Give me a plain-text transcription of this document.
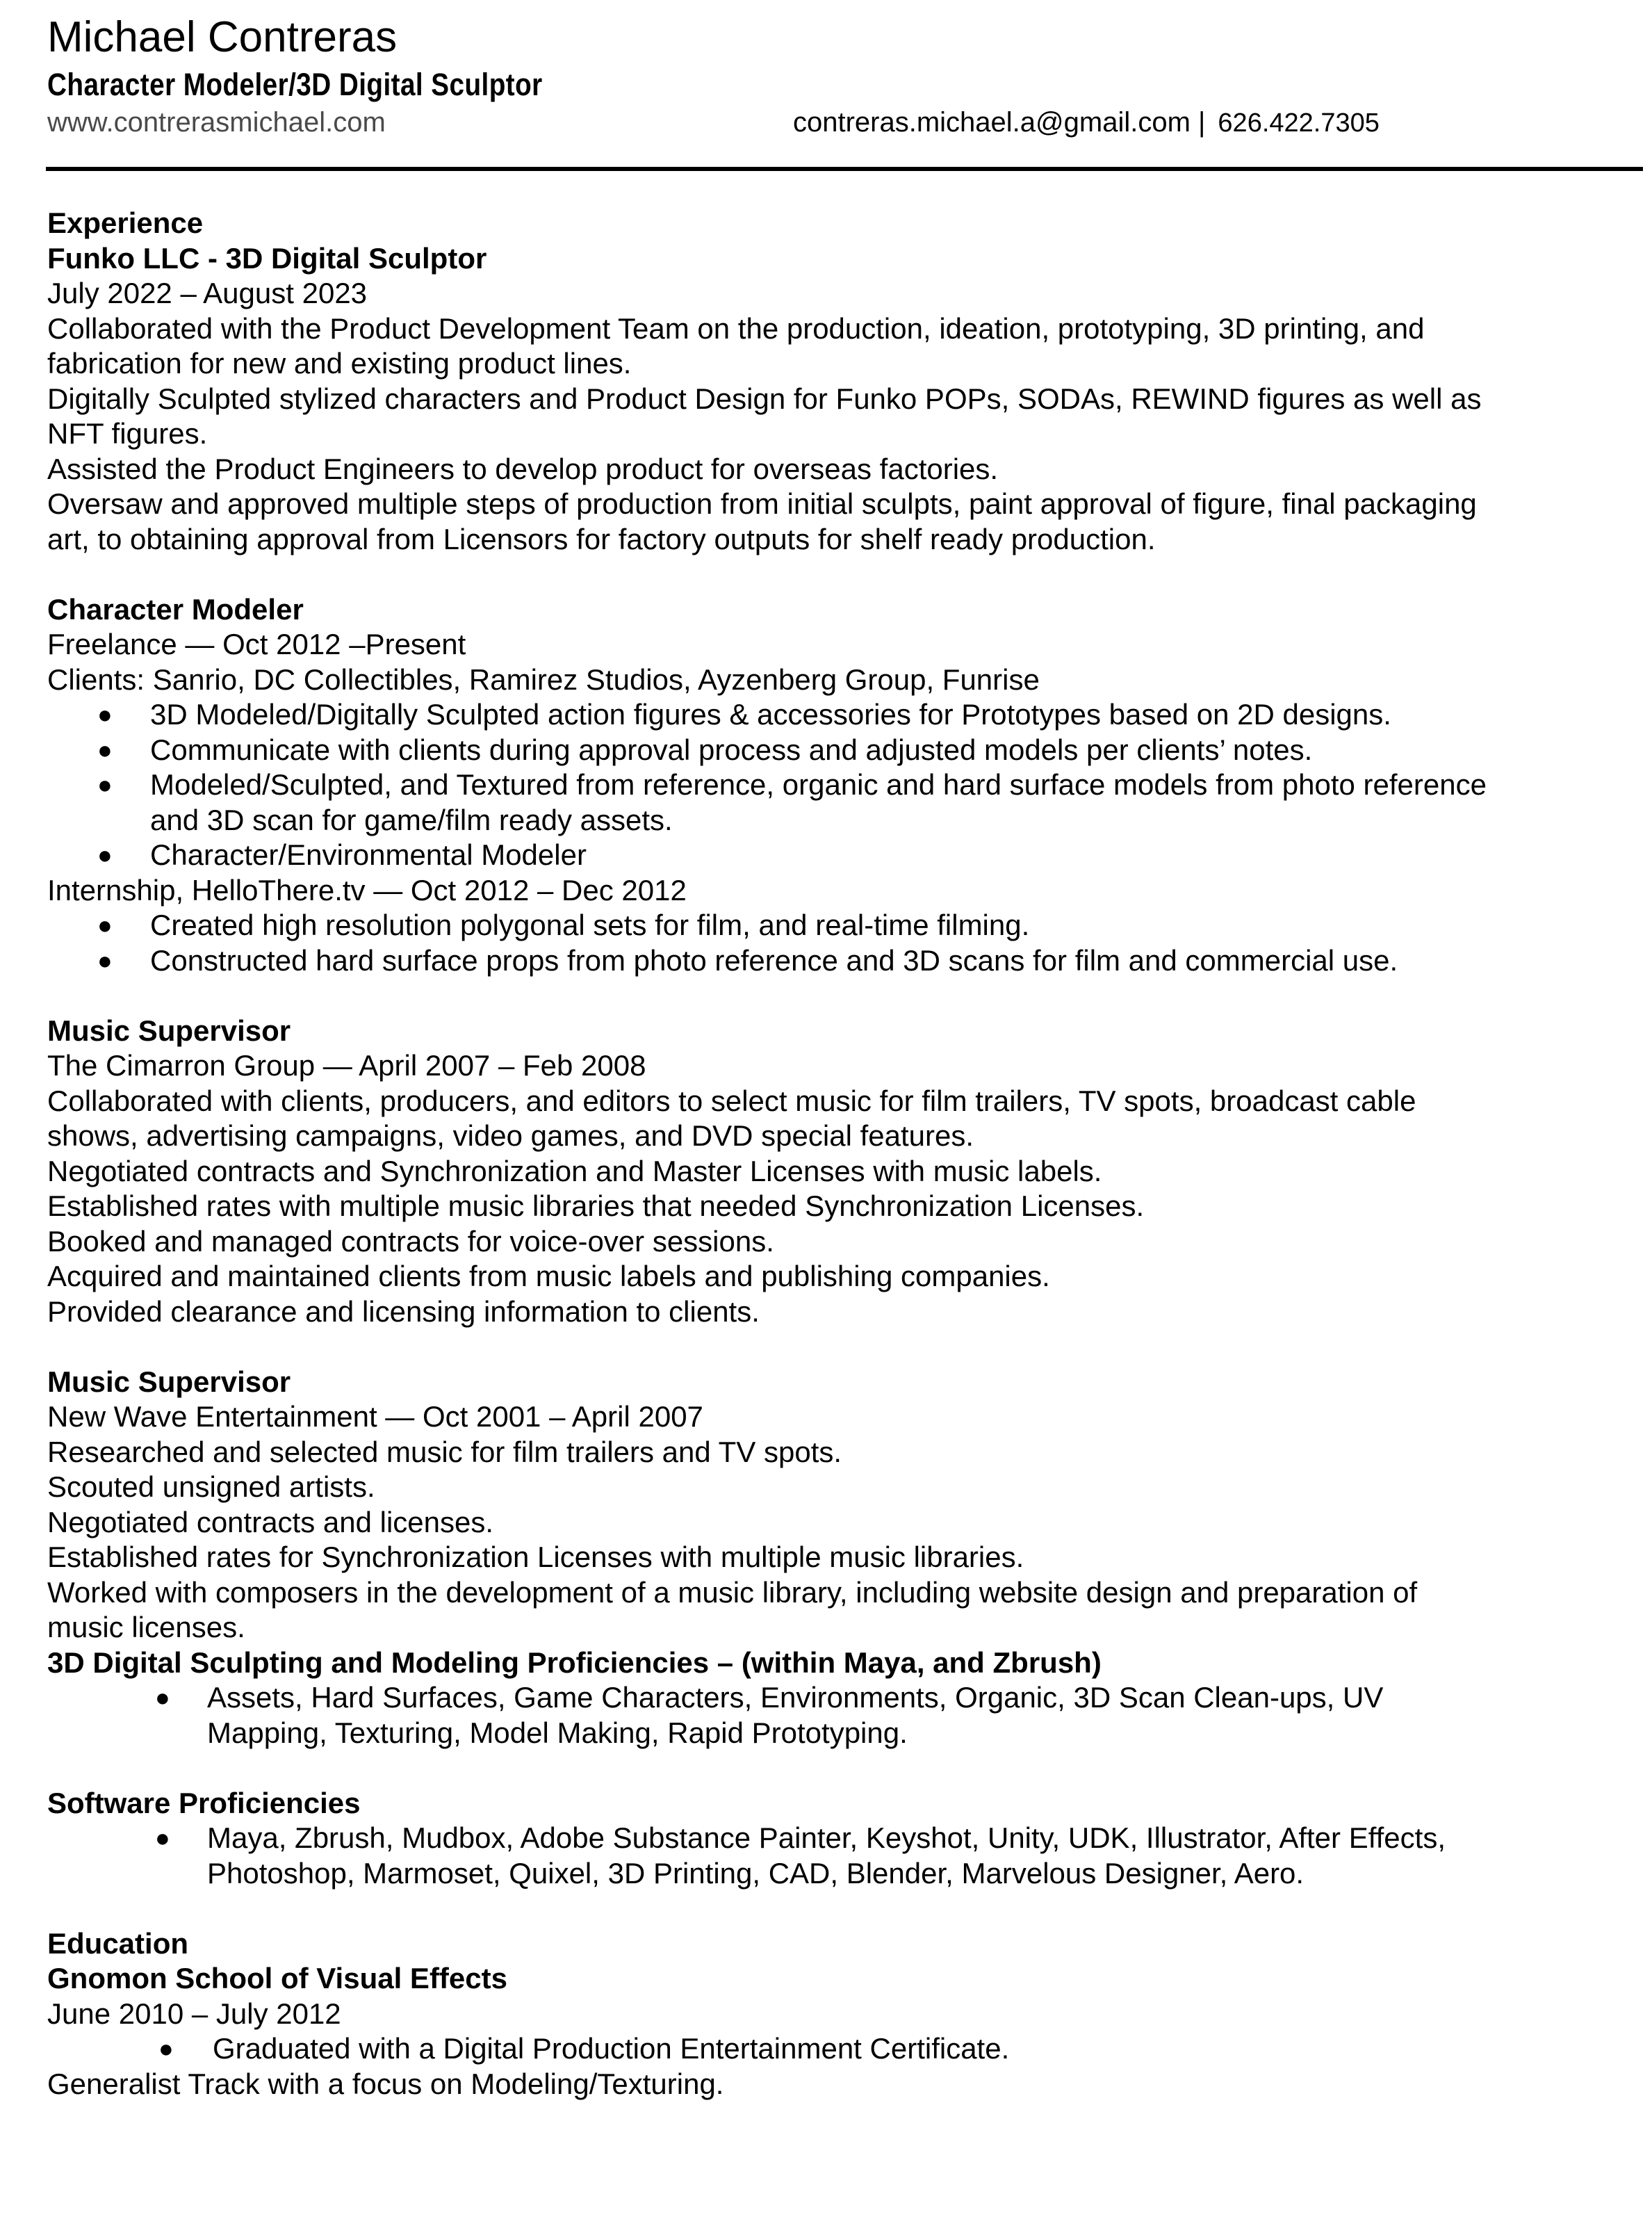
Michael Contreras
Character Modeler/3D Digital Sculptor
www.contrerasmichael.com	contreras.michael.a@gmail.com | 626.422.7305
Experience
Funko LLC - 3D Digital Sculptor
July 2022 – August 2023
Collaborated with the Product Development Team on the production, ideation, prototyping, 3D printing, and
fabrication for new and existing product lines.
Digitally Sculpted stylized characters and Product Design for Funko POPs, SODAs, REWIND figures as well as
NFT figures.
Assisted the Product Engineers to develop product for overseas factories.
Oversaw and approved multiple steps of production from initial sculpts, paint approval of figure, final packaging
art, to obtaining approval from Licensors for factory outputs for shelf ready production.
Character Modeler
Freelance — Oct 2012 –Present
Clients: Sanrio, DC Collectibles, Ramirez Studios, Ayzenberg Group, Funrise
● 3D Modeled/Digitally Sculpted action figures & accessories for Prototypes based on 2D designs.
● Communicate with clients during approval process and adjusted models per clients’ notes.
● Modeled/Sculpted, and Textured from reference, organic and hard surface models from photo reference
and 3D scan for game/film ready assets.
● Character/Environmental Modeler
Internship, HelloThere.tv — Oct 2012 – Dec 2012
● Created high resolution polygonal sets for film, and real-time filming.
● Constructed hard surface props from photo reference and 3D scans for film and commercial use.
Music Supervisor
The Cimarron Group — April 2007 – Feb 2008
Collaborated with clients, producers, and editors to select music for film trailers, TV spots, broadcast cable
shows, advertising campaigns, video games, and DVD special features.
Negotiated contracts and Synchronization and Master Licenses with music labels.
Established rates with multiple music libraries that needed Synchronization Licenses.
Booked and managed contracts for voice-over sessions.
Acquired and maintained clients from music labels and publishing companies.
Provided clearance and licensing information to clients.
Music Supervisor
New Wave Entertainment — Oct 2001 – April 2007
Researched and selected music for film trailers and TV spots.
Scouted unsigned artists.
Negotiated contracts and licenses.
Established rates for Synchronization Licenses with multiple music libraries.
Worked with composers in the development of a music library, including website design and preparation of
music licenses.
3D Digital Sculpting and Modeling Proficiencies – (within Maya, and Zbrush)
● Assets, Hard Surfaces, Game Characters, Environments, Organic, 3D Scan Clean-ups, UV
Mapping, Texturing, Model Making, Rapid Prototyping.
Software Proficiencies
● Maya, Zbrush, Mudbox, Adobe Substance Painter, Keyshot, Unity, UDK, Illustrator, After Effects,
Photoshop, Marmoset, Quixel, 3D Printing, CAD, Blender, Marvelous Designer, Aero.
Education
Gnomon School of Visual Effects
June 2010 – July 2012
● Graduated with a Digital Production Entertainment Certificate.
Generalist Track with a focus on Modeling/Texturing.
